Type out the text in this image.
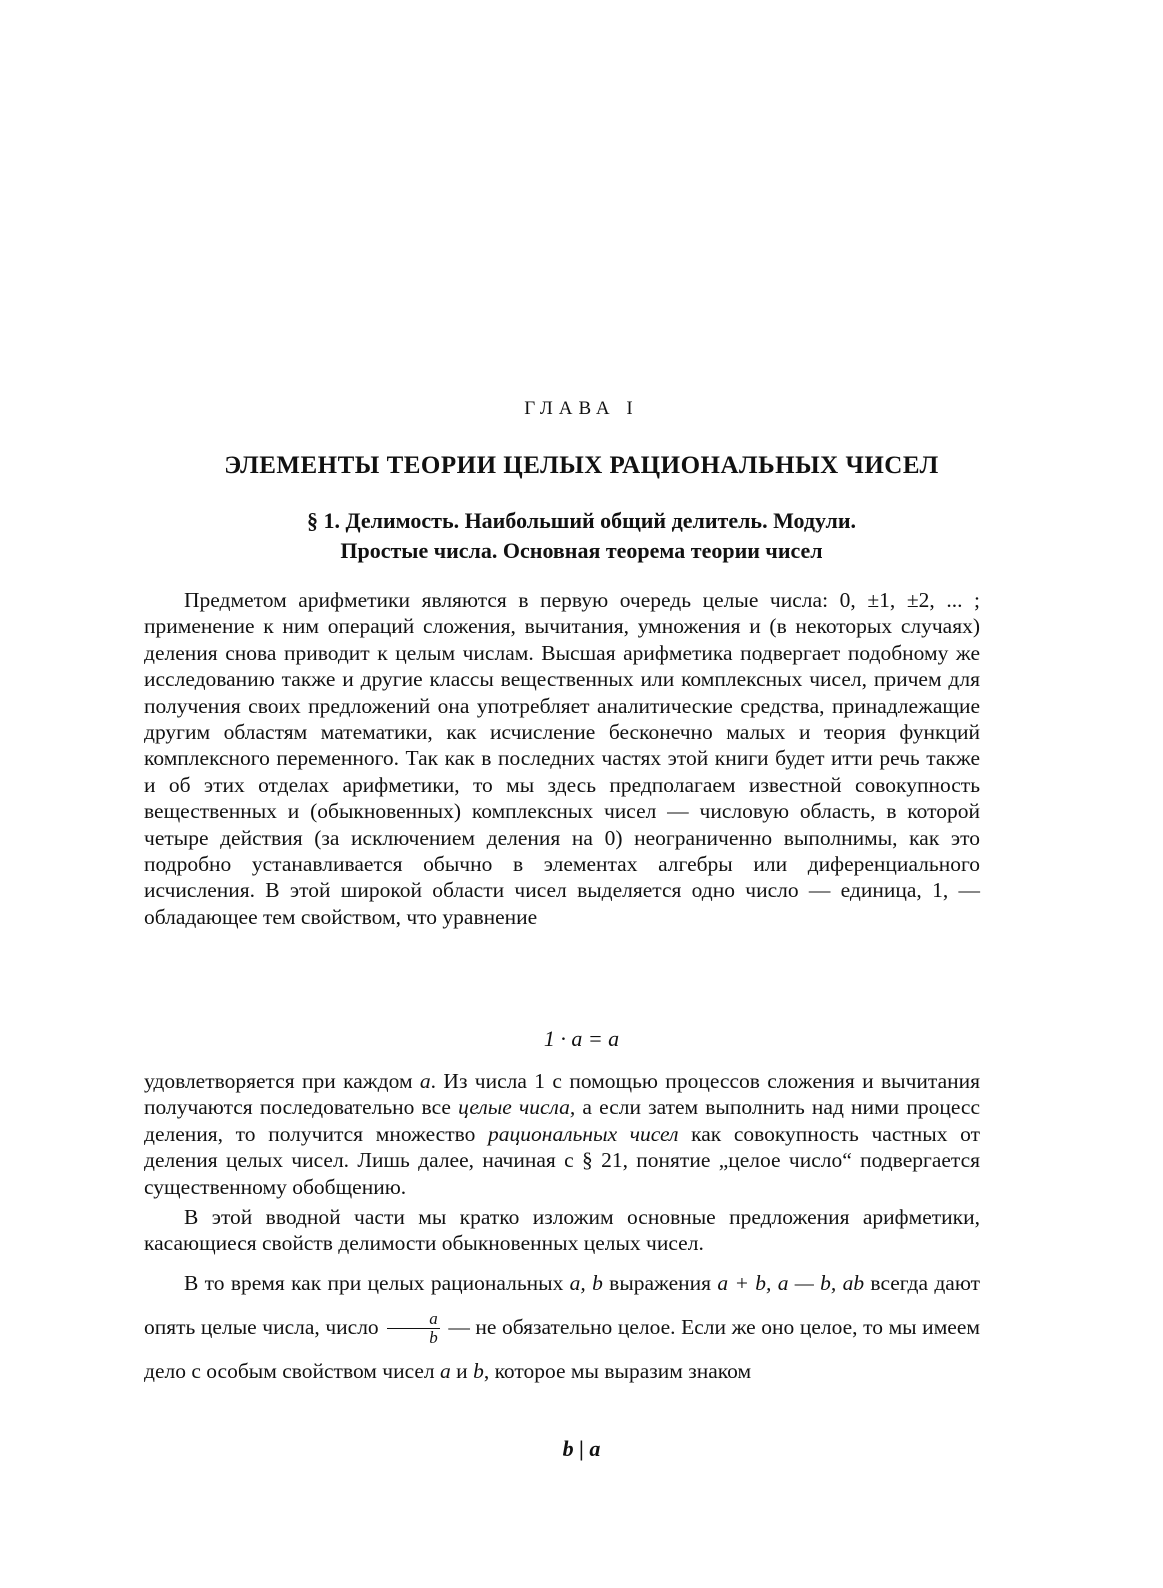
ГЛАВА I
ЭЛЕМЕНТЫ ТЕОРИИ ЦЕЛЫХ РАЦИОНАЛЬНЫХ ЧИСЕЛ
§ 1. Делимость. Наибольший общий делитель. Модули.
Простые числа. Основная теорема теории чисел

Предметом арифметики являются в первую очередь целые числа: 0, ±1, ±2, ... ; применение к ним операций сложения, вычитания, умножения и (в некоторых случаях) деления снова приводит к целым числам. Высшая арифметика подвергает подобному же исследованию также и другие классы вещественных или комплексных чисел, причем для получения своих предложений она употребляет аналитические средства, принадлежащие другим областям математики, как исчисление бесконечно малых и теория функций комплексного переменного. Так как в последних частях этой книги будет итти речь также и об этих отделах арифметики, то мы здесь предполагаем известной совокупность вещественных и (обыкновенных) комплексных чисел — числовую область, в которой четыре действия (за исключением деления на 0) неограниченно выполнимы, как это подробно устанавливается обычно в элементах алгебры или диференциального исчисления. В этой широкой области чисел выделяется одно число — единица, 1, — обладающее тем свойством, что уравнение

1 · a = a

удовлетворяется при каждом a. Из числа 1 с помощью процессов сложения и вычитания получаются последовательно все целые числа, а если затем выполнить над ними процесс деления, то получится множество рациональных чисел как совокупность частных от деления целых чисел. Лишь далее, начиная с § 21, понятие „целое число“ подвергается существенному обобщению.

В этой вводной части мы кратко изложим основные предложения арифметики, касающиеся свойств делимости обыкновенных целых чисел.

В то время как при целых рациональных a, b выражения a + b, a — b, ab всегда дают опять целые числа, число $\frac{a}{b}$ — не обязательно целое. Если же оно целое, то мы имеем дело с особым свойством чисел a и b, которое мы выразим знаком

b | a
